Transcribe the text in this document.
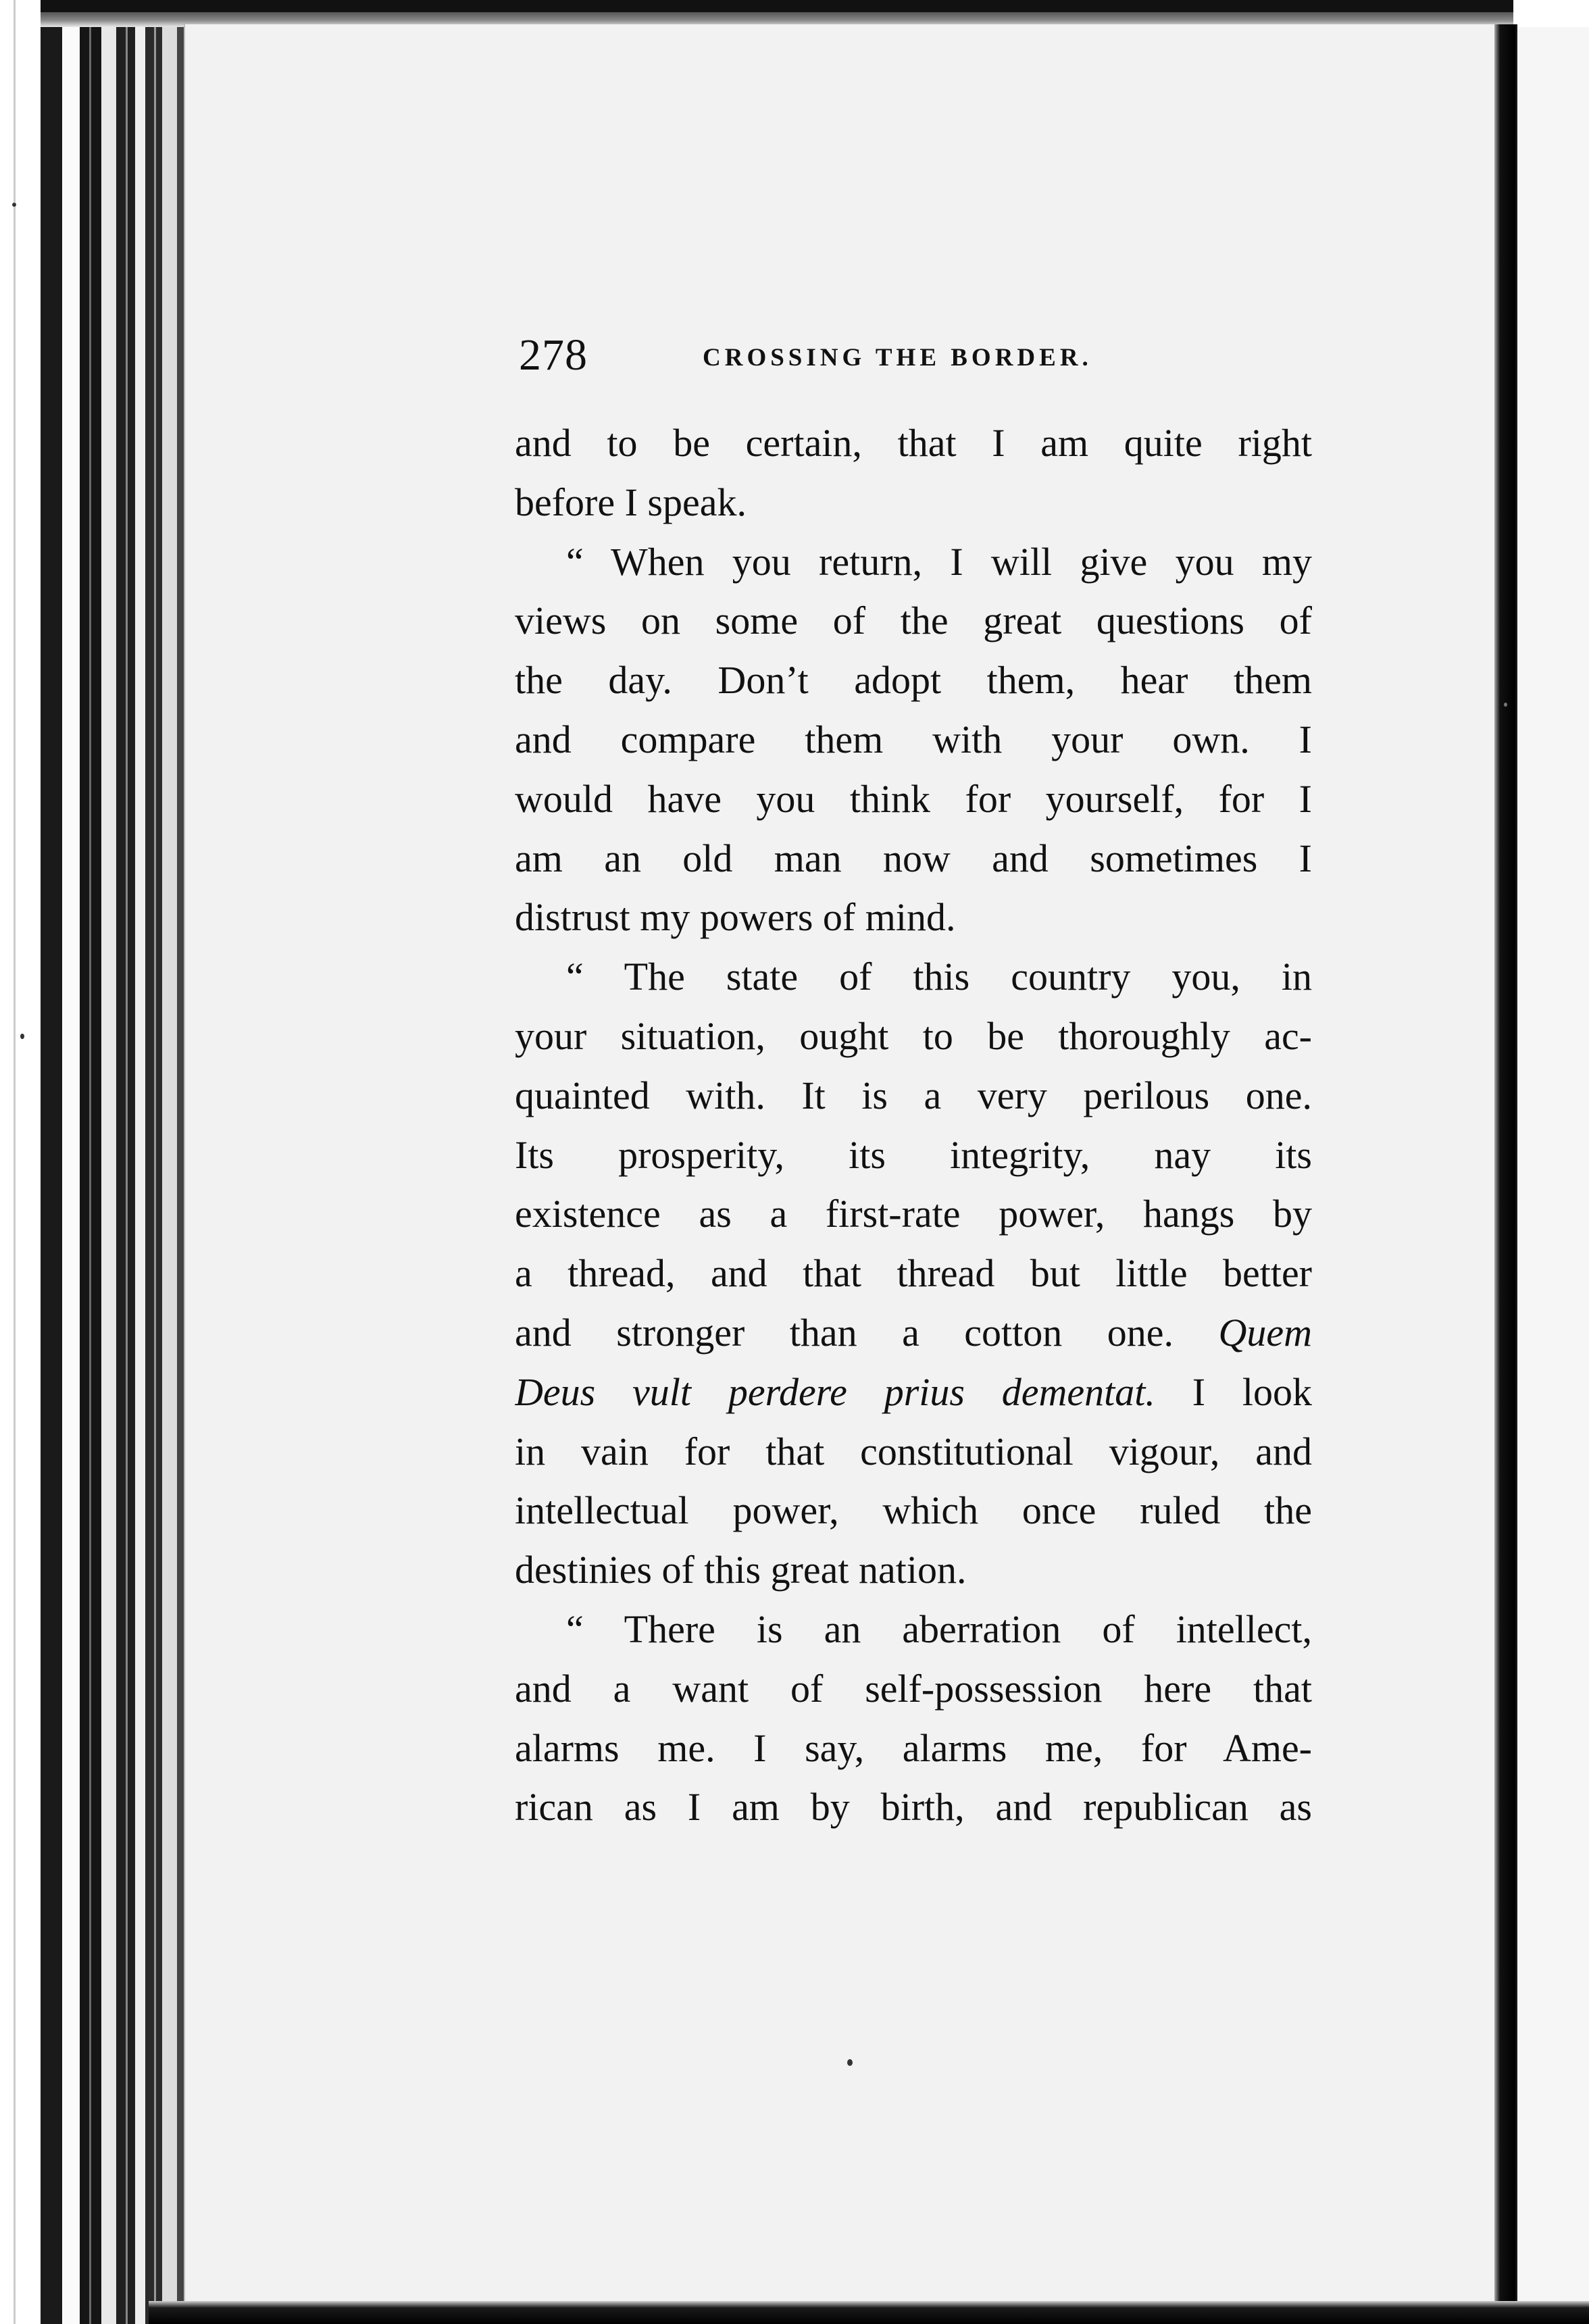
278	CROSSING THE BORDER.
and to be certain, that I am quite right
before I speak.
“ When you return, I will give you my
views on some of the great questions of
the day. Don’t adopt them, hear them
and compare them with your own. I
would have you think for yourself, for I
am an old man now and sometimes I
distrust my powers of mind.
“ The state of this country you, in
your situation, ought to be thoroughly ac-
quainted with. It is a very perilous one.
Its prosperity, its integrity, nay its
existence as a first-rate power, hangs by
a thread, and that thread but little better
and stronger than a cotton one. Quem
Deus vult perdere prius dementat. I look
in vain for that constitutional vigour, and
intellectual power, which once ruled the
destinies of this great nation.
“ There is an aberration of intellect,
and a want of self-possession here that
alarms me. I say, alarms me, for Ame-
rican as I am by birth, and republican as
